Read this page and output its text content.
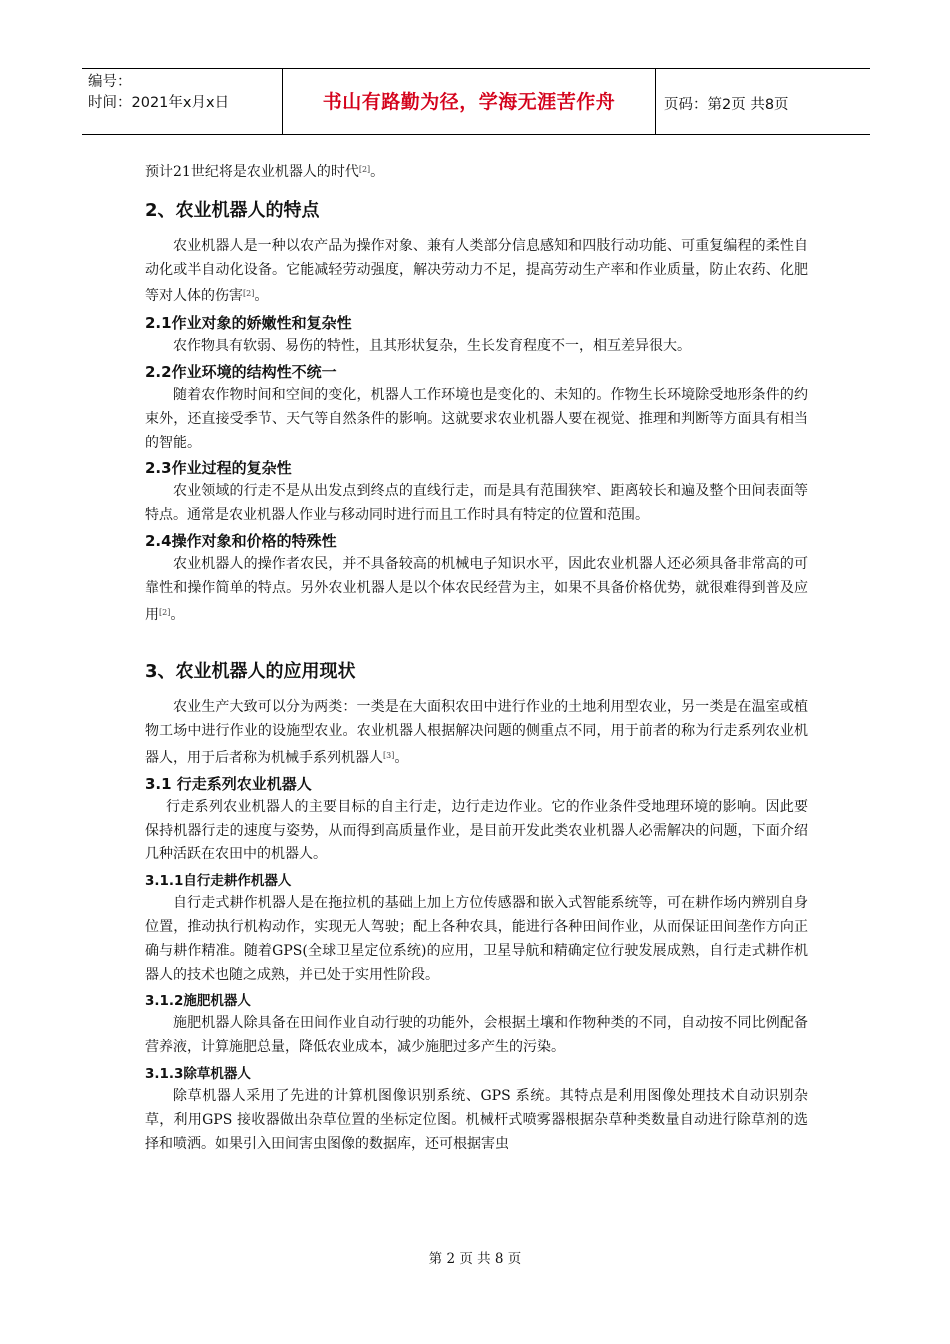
编号：
时间：2021年x月x日	书山有路勤为径，学海无涯苦作舟	页码：第2页 共8页

预计21世纪将是农业机器人的时代[2]。

2、农业机器人的特点

农业机器人是一种以农产品为操作对象、兼有人类部分信息感知和四肢行动功能、可重复编程的柔性自动化或半自动化设备。它能减轻劳动强度，解决劳动力不足，提高劳动生产率和作业质量，防止农药、化肥等对人体的伤害[2]。

2.1作业对象的娇嫩性和复杂性

农作物具有软弱、易伤的特性，且其形状复杂，生长发育程度不一，相互差异很大。

2.2作业环境的结构性不统一

随着农作物时间和空间的变化，机器人工作环境也是变化的、未知的。作物生长环境除受地形条件的约束外，还直接受季节、天气等自然条件的影响。这就要求农业机器人要在视觉、推理和判断等方面具有相当的智能。

2.3作业过程的复杂性

农业领域的行走不是从出发点到终点的直线行走，而是具有范围狭窄、距离较长和遍及整个田间表面等特点。通常是农业机器人作业与移动同时进行而且工作时具有特定的位置和范围。

2.4操作对象和价格的特殊性

农业机器人的操作者农民，并不具备较高的机械电子知识水平，因此农业机器人还必须具备非常高的可靠性和操作简单的特点。另外农业机器人是以个体农民经营为主，如果不具备价格优势，就很难得到普及应用[2]。

3、农业机器人的应用现状

农业生产大致可以分为两类：一类是在大面积农田中进行作业的土地利用型农业，另一类是在温室或植物工场中进行作业的设施型农业。农业机器人根据解决问题的侧重点不同，用于前者的称为行走系列农业机器人，用于后者称为机械手系列机器人[3]。

3.1 行走系列农业机器人

行走系列农业机器人的主要目标的自主行走，边行走边作业。它的作业条件受地理环境的影响。因此要保持机器行走的速度与姿势，从而得到高质量作业，是目前开发此类农业机器人必需解决的问题，下面介绍几种活跃在农田中的机器人。

3.1.1自行走耕作机器人

自行走式耕作机器人是在拖拉机的基础上加上方位传感器和嵌入式智能系统等，可在耕作场内辨别自身位置，推动执行机构动作，实现无人驾驶；配上各种农具，能进行各种田间作业，从而保证田间垄作方向正确与耕作精准。随着GPS(全球卫星定位系统)的应用，卫星导航和精确定位行驶发展成熟，自行走式耕作机器人的技术也随之成熟，并已处于实用性阶段。

3.1.2施肥机器人

施肥机器人除具备在田间作业自动行驶的功能外，会根据土壤和作物种类的不同，自动按不同比例配备营养液，计算施肥总量，降低农业成本，减少施肥过多产生的污染。

3.1.3除草机器人

除草机器人采用了先进的计算机图像识别系统、GPS 系统。其特点是利用图像处理技术自动识别杂草，利用GPS 接收器做出杂草位置的坐标定位图。机械杆式喷雾器根据杂草种类数量自动进行除草剂的选择和喷洒。如果引入田间害虫图像的数据库，还可根据害虫

第 2 页 共 8 页
